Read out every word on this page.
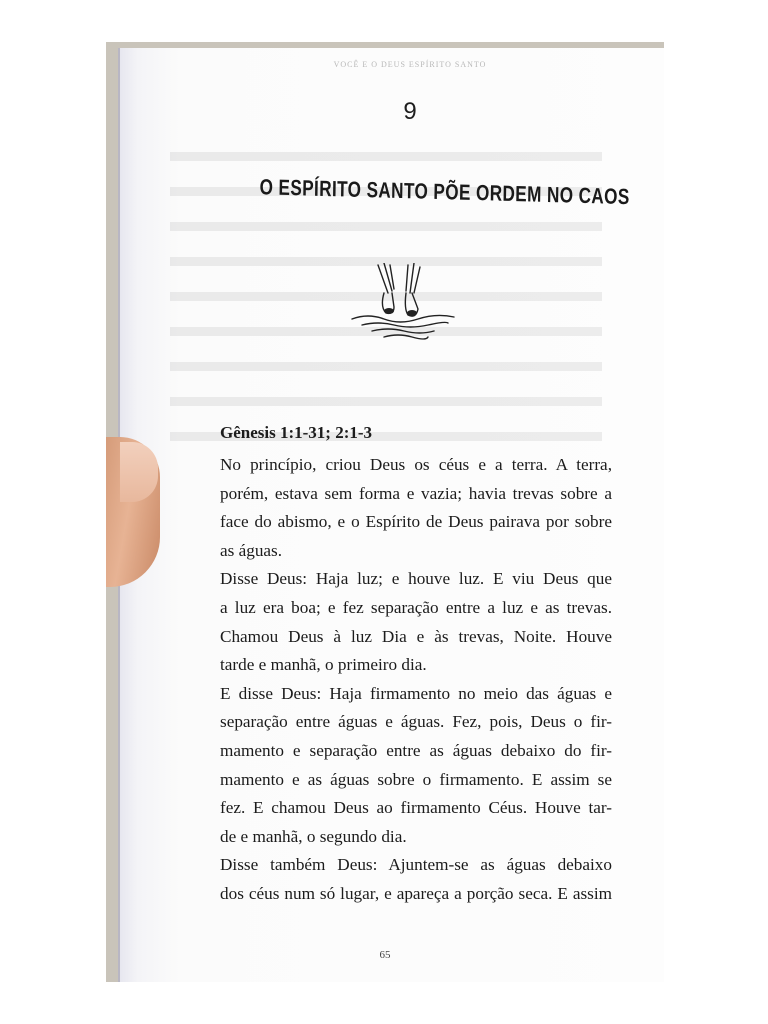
VOCÊ E O DEUS ESPÍRITO SANTO
9
O ESPÍRITO SANTO PÕE ORDEM NO CAOS
Gênesis 1:1-31; 2:1-3
No princípio, criou Deus os céus e a terra. A terra,
porém, estava sem forma e vazia; havia trevas sobre a
face do abismo, e o Espírito de Deus pairava por sobre
as águas.
Disse Deus: Haja luz; e houve luz. E viu Deus que
a luz era boa; e fez separação entre a luz e as trevas.
Chamou Deus à luz Dia e às trevas, Noite. Houve
tarde e manhã, o primeiro dia.
E disse Deus: Haja firmamento no meio das águas e
separação entre águas e águas. Fez, pois, Deus o fir-
mamento e separação entre as águas debaixo do fir-
mamento e as águas sobre o firmamento. E assim se
fez. E chamou Deus ao firmamento Céus. Houve tar-
de e manhã, o segundo dia.
Disse também Deus: Ajuntem-se as águas debaixo
dos céus num só lugar, e apareça a porção seca. E assim
65
